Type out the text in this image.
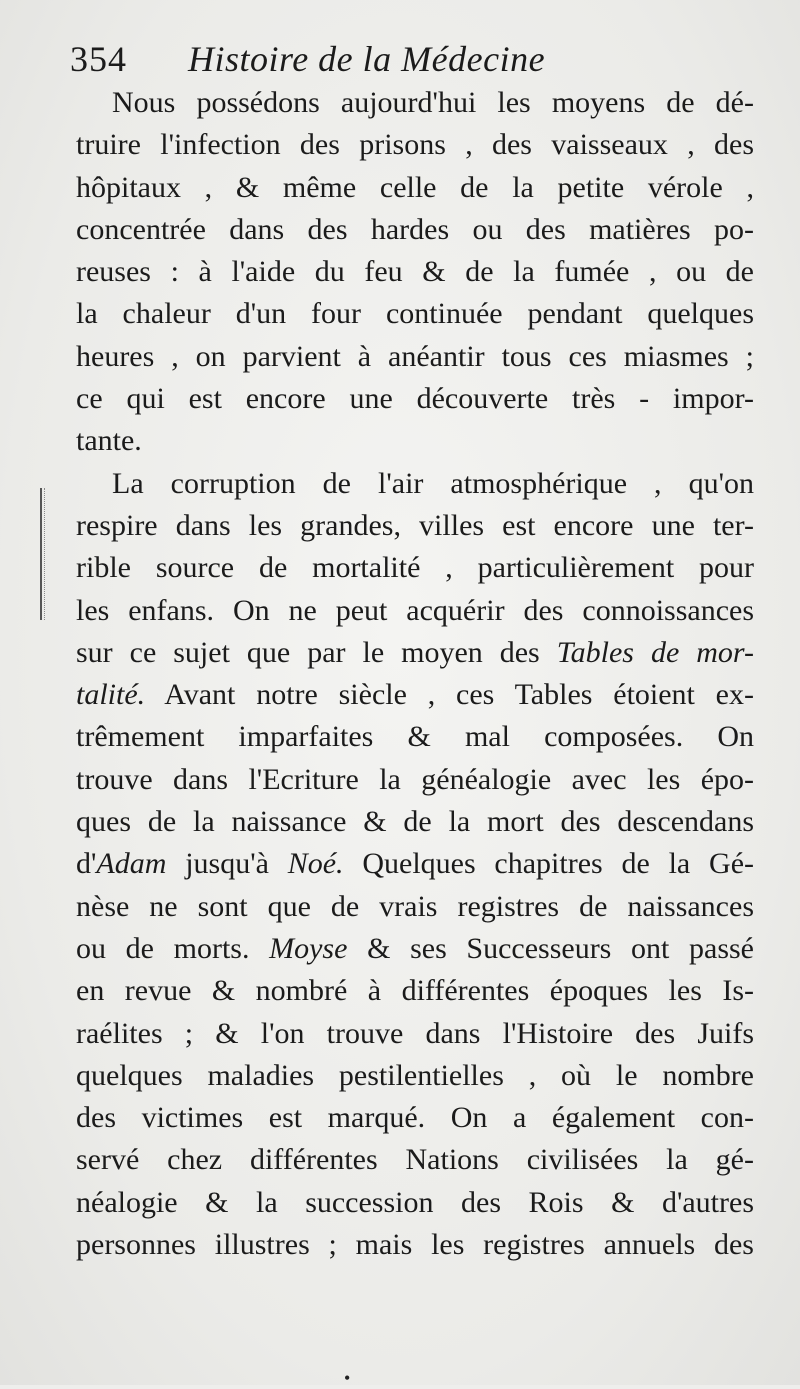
354 Histoire de la Médecine
Nous possédons aujourd'hui les moyens de dé-
truire l'infection des prisons , des vaisseaux , des
hôpitaux , & même celle de la petite vérole ,
concentrée dans des hardes ou des matières po-
reuses : à l'aide du feu & de la fumée , ou de
la chaleur d'un four continuée pendant quelques
heures , on parvient à anéantir tous ces miasmes ;
ce qui est encore une découverte très - impor-
tante.
La corruption de l'air atmosphérique , qu'on
respire dans les grandes, villes est encore une ter-
rible source de mortalité , particulièrement pour
les enfans. On ne peut acquérir des connoissances
sur ce sujet que par le moyen des Tables de mor-
talité. Avant notre siècle , ces Tables étoient ex-
trêmement imparfaites & mal composées. On
trouve dans l'Ecriture la généalogie avec les épo-
ques de la naissance & de la mort des descendans
d'Adam jusqu'à Noé. Quelques chapitres de la Gé-
nèse ne sont que de vrais registres de naissances
ou de morts. Moyse & ses Successeurs ont passé
en revue & nombré à différentes époques les Is-
raélites ; & l'on trouve dans l'Histoire des Juifs
quelques maladies pestilentielles , où le nombre
des victimes est marqué. On a également con-
servé chez différentes Nations civilisées la gé-
néalogie & la succession des Rois & d'autres
personnes illustres ; mais les registres annuels des
•
